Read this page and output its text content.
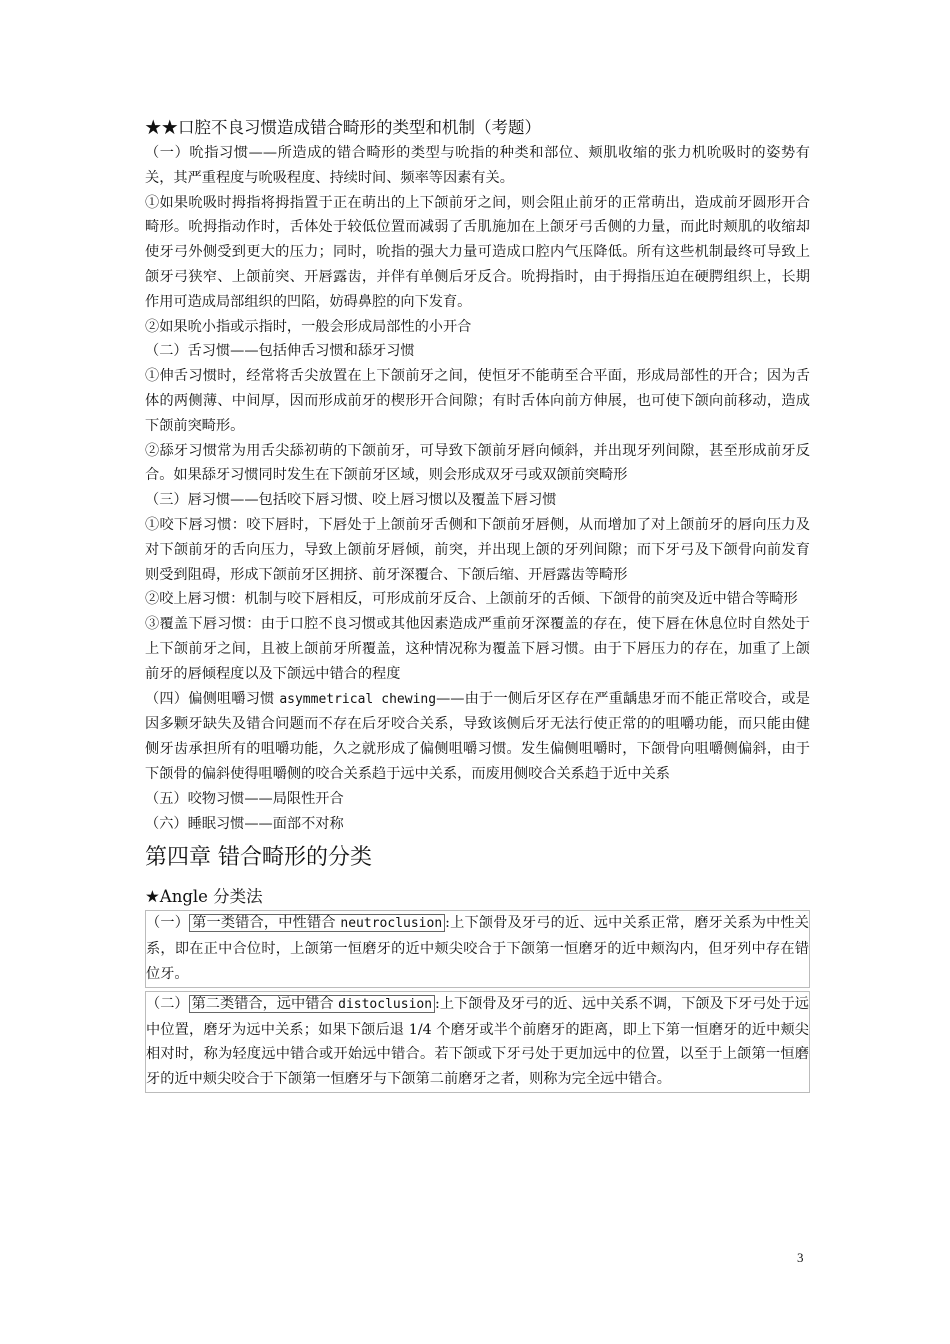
★★口腔不良习惯造成错合畸形的类型和机制（考题）

（一）吮指习惯——所造成的错合畸形的类型与吮指的种类和部位、颊肌收缩的张力机吮吸时的姿势有关，其严重程度与吮吸程度、持续时间、频率等因素有关。

①如果吮吸时拇指将拇指置于正在萌出的上下颌前牙之间，则会阻止前牙的正常萌出，造成前牙圆形开合畸形。吮拇指动作时，舌体处于较低位置而减弱了舌肌施加在上颌牙弓舌侧的力量，而此时颊肌的收缩却使牙弓外侧受到更大的压力；同时，吮指的强大力量可造成口腔内气压降低。所有这些机制最终可导致上颌牙弓狭窄、上颌前突、开唇露齿，并伴有单侧后牙反合。吮拇指时，由于拇指压迫在硬腭组织上，长期作用可造成局部组织的凹陷，妨碍鼻腔的向下发育。

②如果吮小指或示指时，一般会形成局部性的小开合

（二）舌习惯——包括伸舌习惯和舔牙习惯

①伸舌习惯时，经常将舌尖放置在上下颌前牙之间，使恒牙不能萌至合平面，形成局部性的开合；因为舌体的两侧薄、中间厚，因而形成前牙的楔形开合间隙；有时舌体向前方伸展，也可使下颌向前移动，造成下颌前突畸形。

②舔牙习惯常为用舌尖舔初萌的下颌前牙，可导致下颌前牙唇向倾斜，并出现牙列间隙，甚至形成前牙反合。如果舔牙习惯同时发生在下颌前牙区域，则会形成双牙弓或双颌前突畸形

（三）唇习惯——包括咬下唇习惯、咬上唇习惯以及覆盖下唇习惯

①咬下唇习惯：咬下唇时，下唇处于上颌前牙舌侧和下颌前牙唇侧，从而增加了对上颌前牙的唇向压力及对下颌前牙的舌向压力，导致上颌前牙唇倾，前突，并出现上颌的牙列间隙；而下牙弓及下颌骨向前发育则受到阻碍，形成下颌前牙区拥挤、前牙深覆合、下颌后缩、开唇露齿等畸形

②咬上唇习惯：机制与咬下唇相反，可形成前牙反合、上颌前牙的舌倾、下颌骨的前突及近中错合等畸形

③覆盖下唇习惯：由于口腔不良习惯或其他因素造成严重前牙深覆盖的存在，使下唇在休息位时自然处于上下颌前牙之间，且被上颌前牙所覆盖，这种情况称为覆盖下唇习惯。由于下唇压力的存在，加重了上颌前牙的唇倾程度以及下颌远中错合的程度

（四）偏侧咀嚼习惯 asymmetrical chewing——由于一侧后牙区存在严重龋患牙而不能正常咬合，或是因多颗牙缺失及错合问题而不存在后牙咬合关系，导致该侧后牙无法行使正常的的咀嚼功能，而只能由健侧牙齿承担所有的咀嚼功能，久之就形成了偏侧咀嚼习惯。发生偏侧咀嚼时，下颌骨向咀嚼侧偏斜，由于下颌骨的偏斜使得咀嚼侧的咬合关系趋于远中关系，而废用侧咬合关系趋于近中关系

（五）咬物习惯——局限性开合

（六）睡眠习惯——面部不对称

第四章 错合畸形的分类

★Angle 分类法

（一） 第一类错合，中性错合 neutroclusion :上下颌骨及牙弓的近、远中关系正常，磨牙关系为中性关系，即在正中合位时，上颌第一恒磨牙的近中颊尖咬合于下颌第一恒磨牙的近中颊沟内，但牙列中存在错位牙。

（二） 第二类错合，远中错合 distoclusion :上下颌骨及牙弓的近、远中关系不调，下颌及下牙弓处于远中位置，磨牙为远中关系；如果下颌后退 1/4 个磨牙或半个前磨牙的距离，即上下第一恒磨牙的近中颊尖相对时，称为轻度远中错合或开始远中错合。若下颌或下牙弓处于更加远中的位置，以至于上颌第一恒磨牙的近中颊尖咬合于下颌第一恒磨牙与下颌第二前磨牙之者，则称为完全远中错合。

3
